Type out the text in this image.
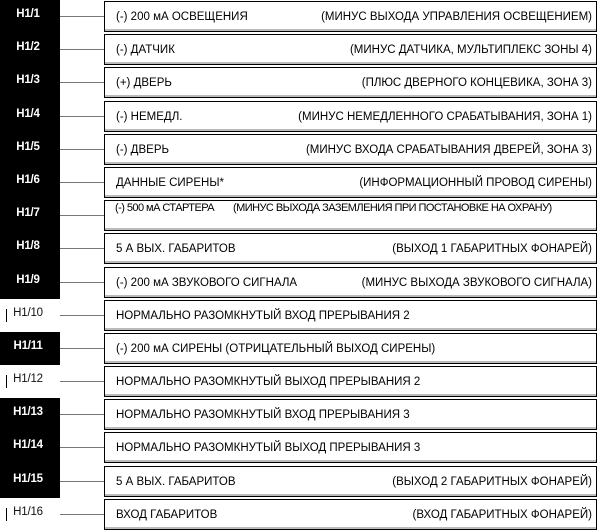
H1/1	(-) 200 мА ОСВЕЩЕНИЯ	(МИНУС ВЫХОДА УПРАВЛЕНИЯ ОСВЕЩЕНИЕМ)
H1/2	(-) ДАТЧИК	(МИНУС ДАТЧИКА, МУЛЬТИПЛЕКС ЗОНЫ 4)
H1/3	(+) ДВЕРЬ	(ПЛЮС ДВЕРНОГО КОНЦЕВИКА, ЗОНА 3)
H1/4	(-) НЕМЕДЛ.	(МИНУС НЕМЕДЛЕННОГО СРАБАТЫВАНИЯ, ЗОНА 1)
H1/5	(-) ДВЕРЬ	(МИНУС ВХОДА СРАБАТЫВАНИЯ ДВЕРЕЙ, ЗОНА 3)
H1/6	ДАННЫЕ СИРЕНЫ*	(ИНФОРМАЦИОННЫЙ ПРОВОД СИРЕНЫ)
H1/7	(-) 500 мА СТАРТЕРА (МИНУС ВЫХОДА ЗАЗЕМЛЕНИЯ ПРИ ПОСТАНОВКЕ НА ОХРАНУ)
H1/8	5 А ВЫХ. ГАБАРИТОВ	(ВЫХОД 1 ГАБАРИТНЫХ ФОНАРЕЙ)
H1/9	(-) 200 мА ЗВУКОВОГО СИГНАЛА	(МИНУС ВЫХОДА ЗВУКОВОГО СИГНАЛА)
H1/10	НОРМАЛЬНО РАЗОМКНУТЫЙ ВХОД ПРЕРЫВАНИЯ 2
H1/11	(-) 200 мА СИРЕНЫ (ОТРИЦАТЕЛЬНЫЙ ВЫХОД СИРЕНЫ)
H1/12	НОРМАЛЬНО РАЗОМКНУТЫЙ ВЫХОД ПРЕРЫВАНИЯ 2
H1/13	НОРМАЛЬНО РАЗОМКНУТЫЙ ВХОД ПРЕРЫВАНИЯ 3
H1/14	НОРМАЛЬНО РАЗОМКНУТЫЙ ВЫХОД ПРЕРЫВАНИЯ 3
H1/15	5 А ВЫХ. ГАБАРИТОВ	(ВЫХОД 2 ГАБАРИТНЫХ ФОНАРЕЙ)
H1/16	ВХОД ГАБАРИТОВ	(ВХОД ГАБАРИТНЫХ ФОНАРЕЙ)
